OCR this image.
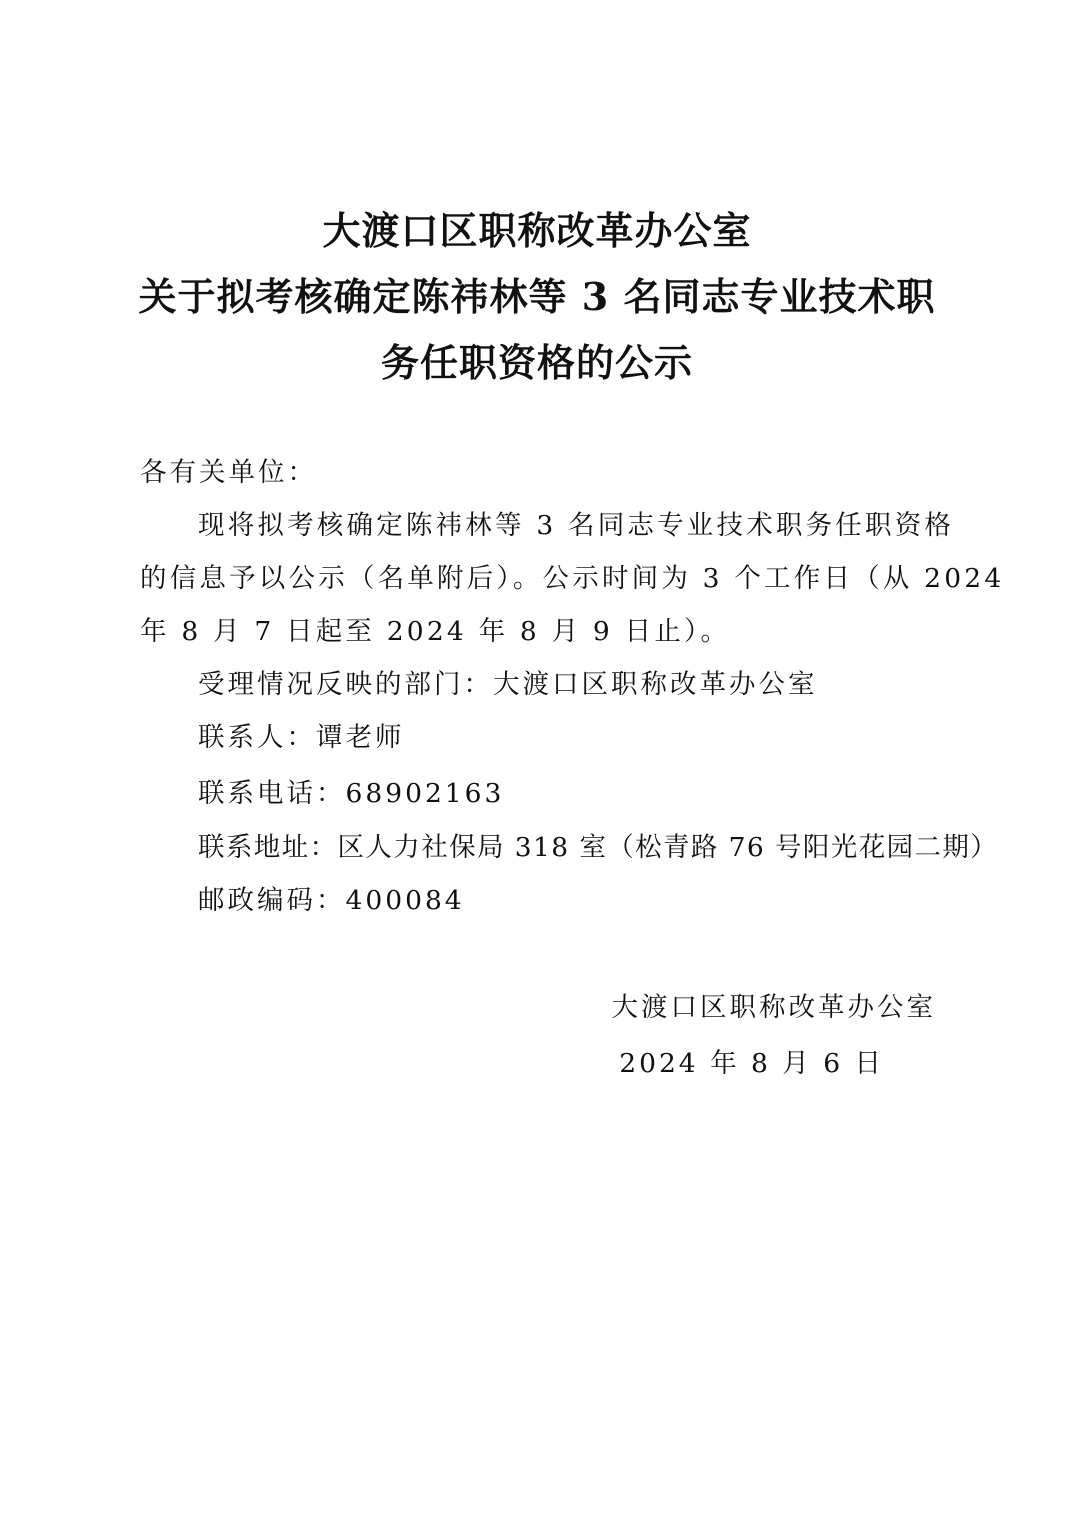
大渡口区职称改革办公室
关于拟考核确定陈祎林等 3 名同志专业技术职
务任职资格的公示
各有关单位：
现将拟考核确定陈祎林等 3 名同志专业技术职务任职资格
的信息予以公示（名单附后）。公示时间为 3 个工作日（从 2024
年 8 月 7 日起至 2024 年 8 月 9 日止）。
受理情况反映的部门：大渡口区职称改革办公室
联系人：谭老师
联系电话：68902163
联系地址：区人力社保局 318 室（松青路 76 号阳光花园二期）
邮政编码：400084
大渡口区职称改革办公室
2024 年 8 月 6 日
